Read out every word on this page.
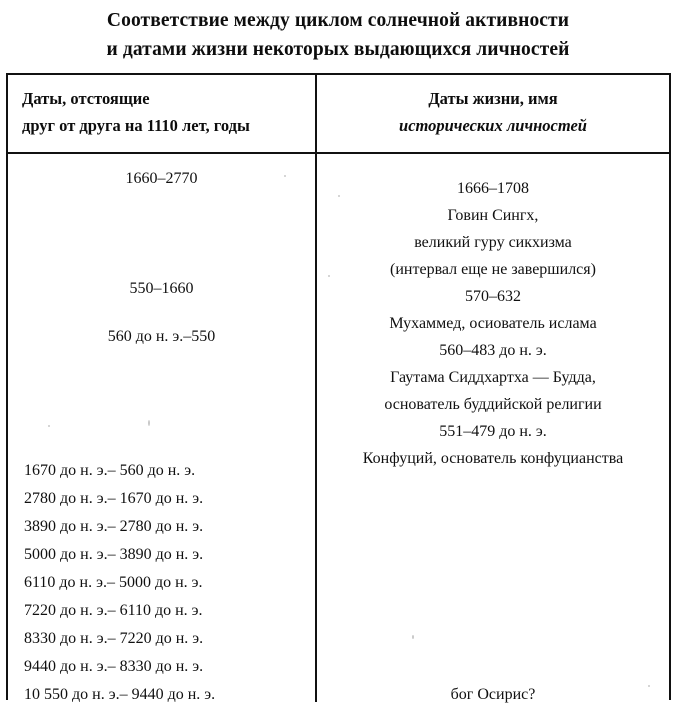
Соответствие между циклом солнечной активности
и датами жизни некоторых выдающихся личностей
Даты, отстоящие
друг от друга на 1110 лет, годы
Даты жизни, имя
исторических личностей
1660–2770
550–1660
560 до н. э.–550
1670 до н. э.– 560 до н. э.
2780 до н. э.– 1670 до н. э.
3890 до н. э.– 2780 до н. э.
5000 до н. э.– 3890 до н. э.
6110 до н. э.– 5000 до н. э.
7220 до н. э.– 6110 до н. э.
8330 до н. э.– 7220 до н. э.
9440 до н. э.– 8330 до н. э.
10 550 до н. э.– 9440 до н. э.
1666–1708
Говин Сингх,
великий гуру сикхизма
(интервал еще не завершился)
570–632
Мухаммед, осиователь ислама
560–483 до н. э.
Гаутама Сиддхартха — Будда,
основатель буддийской религии
551–479 до н. э.
Конфуций, основатель конфуцианства
бог Осирис?
